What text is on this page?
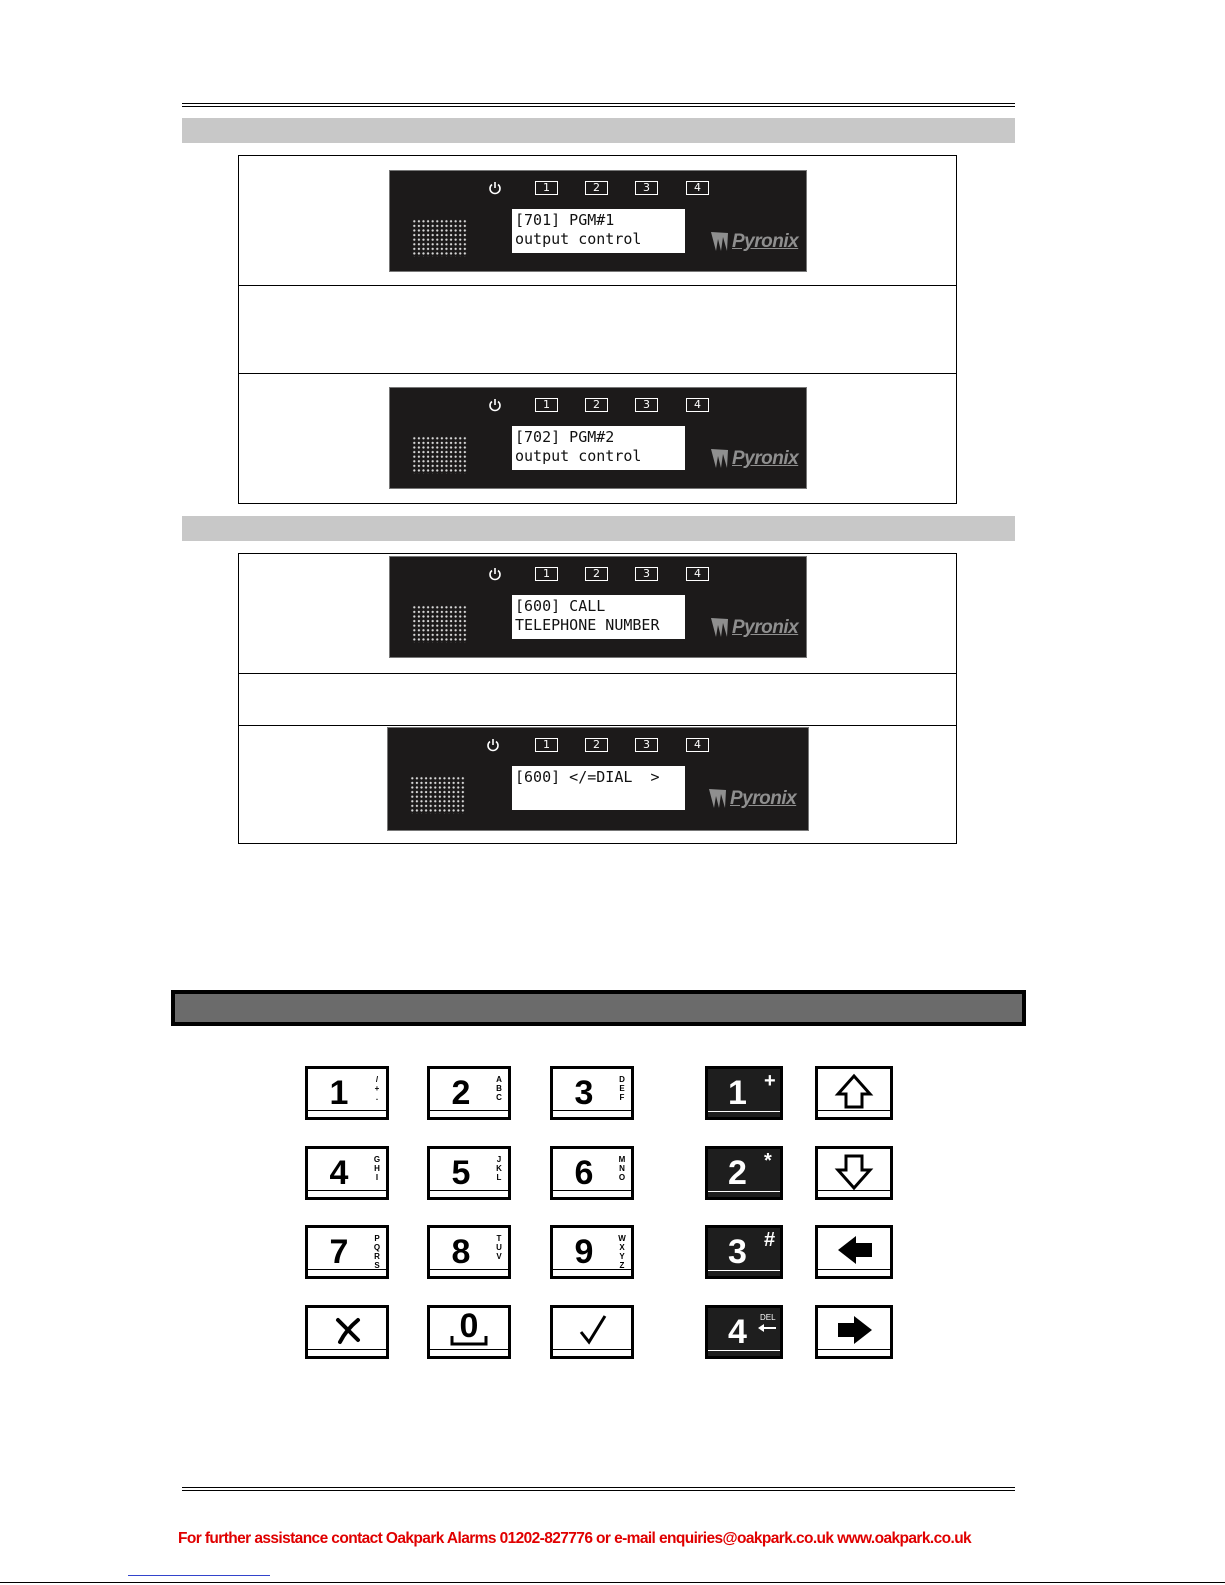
1	2	3	4
[701] PGM#1
output control	Pyronix
1	2	3	4
[702] PGM#2
output control	Pyronix
1	2	3	4
[600] CALL
TELEPHONE NUMBER	Pyronix
1	2	3	4
[600] </=DIAL  >
Pyronix
1	/
+
.	2	A
B
C	3	D
E
F
4	G
H
I	5	J
K
L	6	M
N
O
7	P
Q
R
S	8	T
U
V	9	W
X
Y
Z
0
1 +
2 *
3 #
4 DEL
For further assistance contact Oakpark Alarms 01202-827776 or e-mail enquiries@oakpark.co.uk www.oakpark.co.uk
